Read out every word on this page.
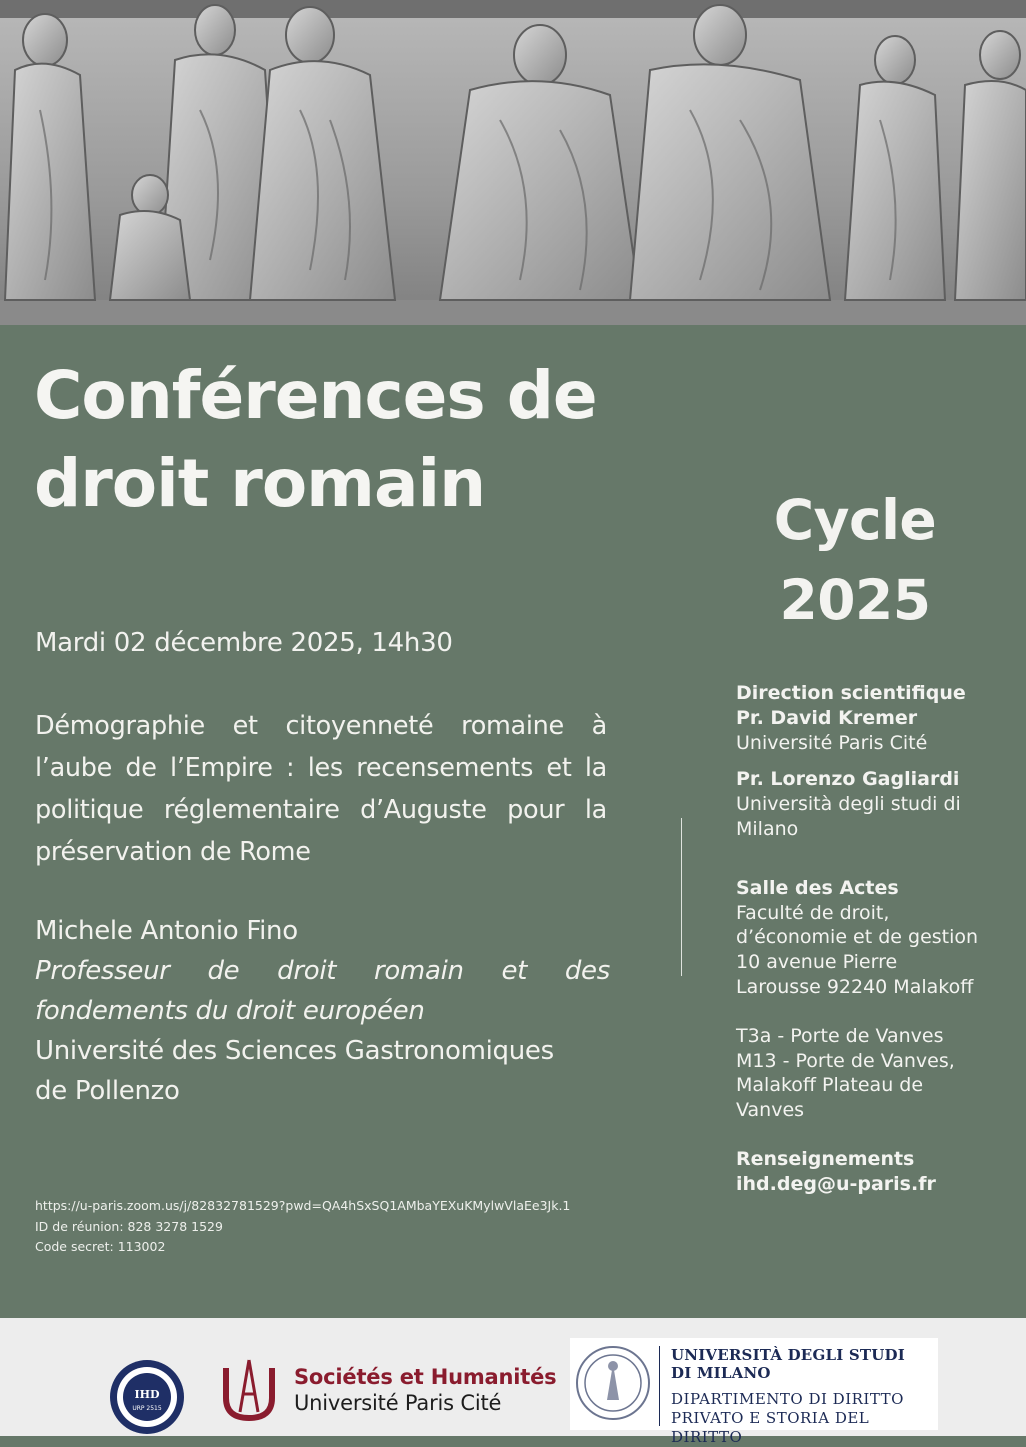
Conférences de
droit romain	Cycle
2025
Mardi 02 décembre 2025, 14h30

Démographie et citoyenneté romaine à l’aube de l’Empire : les recensements et la politique réglementaire d’Auguste pour la préservation de Rome

Michele Antonio Fino
Professeur de droit romain et des fondements du droit européen
Université des Sciences Gastronomiques
de Pollenzo
https://u-paris.zoom.us/j/82832781529?pwd=QA4hSxSQ1AMbaYEXuKMylwVlaEe3Jk.1
ID de réunion: 828 3278 1529
Code secret: 113002
Direction scientifique
Pr. David Kremer
Université Paris Cité
Pr. Lorenzo Gagliardi
Università degli studi di
Milano
Salle des Actes
Faculté de droit,
d’économie et de gestion
10 avenue Pierre
Larousse 92240 Malakoff
T3a - Porte de Vanves
M13 - Porte de Vanves,
Malakoff Plateau de
Vanves
Renseignements
ihd.deg@u-paris.fr
IHD
URP 2515
Sociétés et Humanités
Université Paris Cité
UNIVERSITÀ DEGLI STUDI
DI MILANO
DIPARTIMENTO DI DIRITTO
PRIVATO E STORIA DEL DIRITTO
